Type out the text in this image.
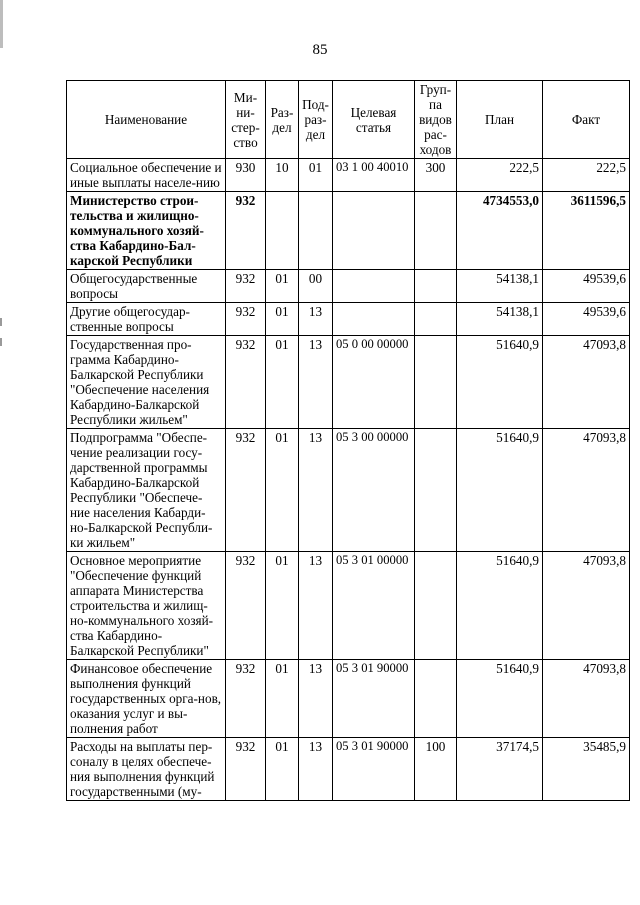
85
Наименование	Ми-
ни-
стер-
ство	Раз-
дел	Под-
раз-
дел	Целевая
статья	Груп-
па
видов
рас-
ходов	План	Факт
Социальное обеспечение и иные выплаты населе-нию	930	10	01	03 1 00 40010	300	222,5	222,5
Министерство строи-тельства и жилищно-коммунального хозяй-ства Кабардино-Бал-карской Республики	932					4734553,0	3611596,5
Общегосударственные вопросы	932	01	00			54138,1	49539,6
Другие общегосудар-ственные вопросы	932	01	13			54138,1	49539,6
Государственная про-грамма Кабардино-Балкарской Республики "Обеспечение населения Кабардино-Балкарской Республики жильем"	932	01	13	05 0 00 00000		51640,9	47093,8
Подпрограмма "Обеспе-чение реализации госу-дарственной программы Кабардино-Балкарской Республики "Обеспече-ние населения Кабарди-но-Балкарской Республи-ки жильем"	932	01	13	05 3 00 00000		51640,9	47093,8
Основное мероприятие "Обеспечение функций аппарата Министерства строительства и жилищ-но-коммунального хозяй-ства Кабардино-Балкарской Республики"	932	01	13	05 3 01 00000		51640,9	47093,8
Финансовое обеспечение выполнения функций государственных орга-нов, оказания услуг и вы-полнения работ	932	01	13	05 3 01 90000		51640,9	47093,8
Расходы на выплаты пер-соналу в целях обеспече-ния выполнения функций государственными (му-	932	01	13	05 3 01 90000	100	37174,5	35485,9
